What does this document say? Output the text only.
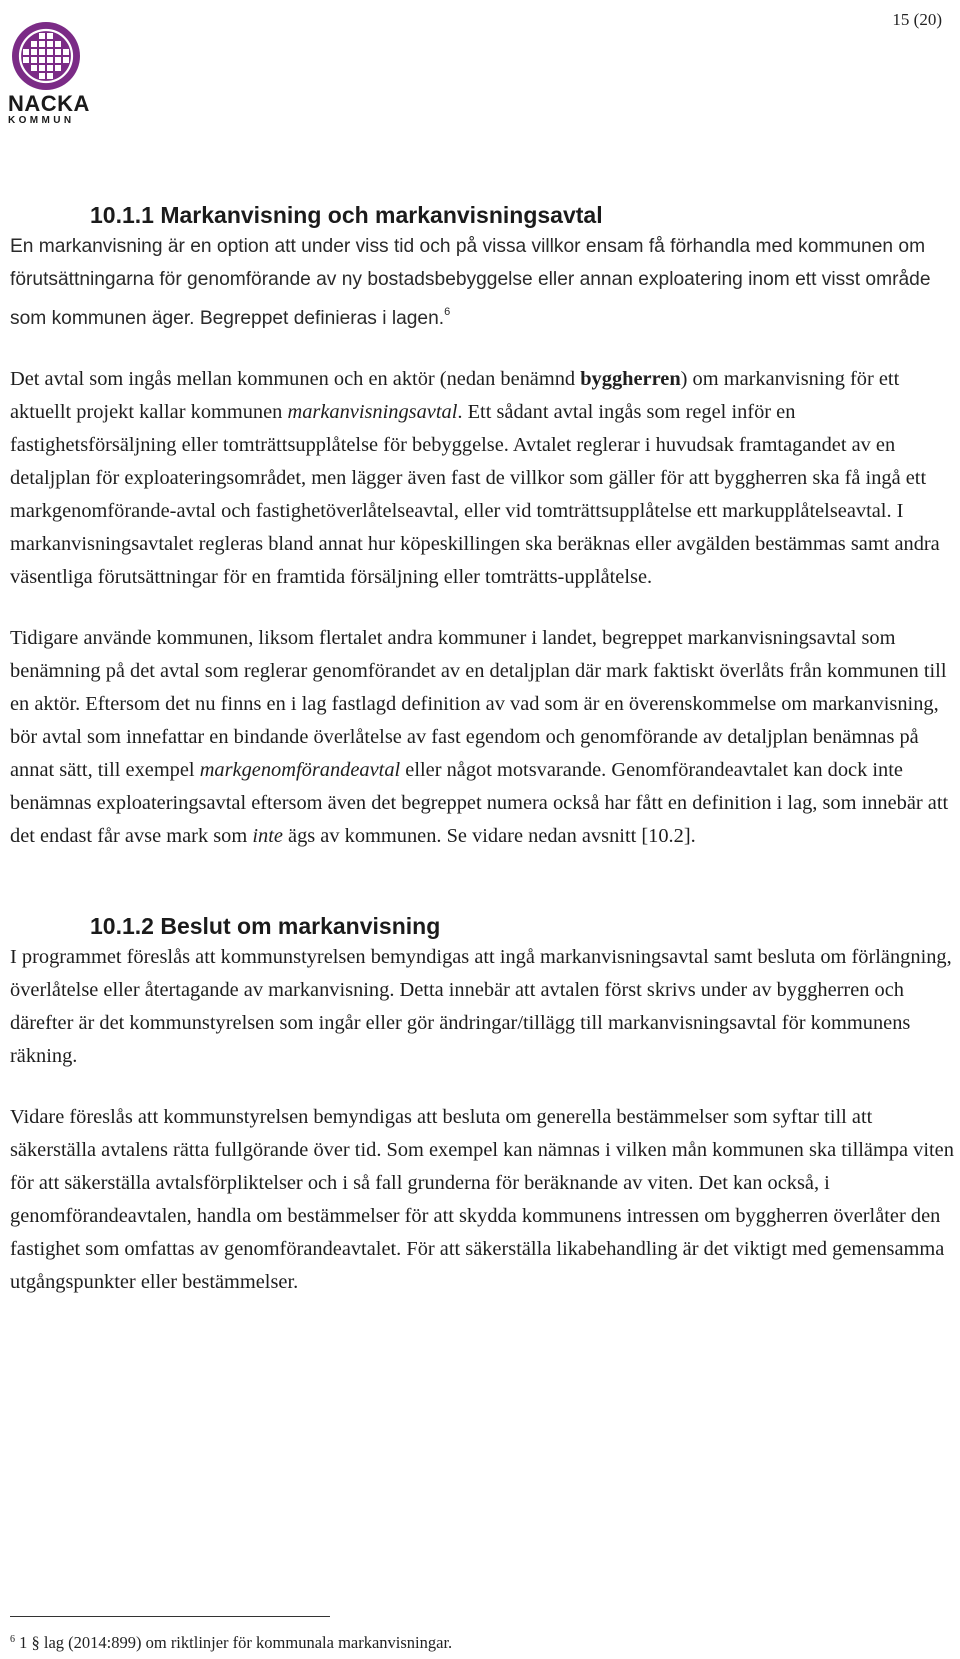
15 (20)
NACKA
KOMMUN
10.1.1 Markanvisning och markanvisningsavtal

En markanvisning är en option att under viss tid och på vissa villkor ensam få förhandla med kommunen om förutsättningarna för genomförande av ny bostadsbebyggelse eller annan exploatering inom ett visst område som kommunen äger. Begreppet definieras i lagen.$^6$

Det avtal som ingås mellan kommunen och en aktör (nedan benämnd byggherren) om markanvisning för ett aktuellt projekt kallar kommunen markanvisningsavtal. Ett sådant avtal ingås som regel inför en fastighetsförsäljning eller tomträttsupplåtelse för bebyggelse. Avtalet reglerar i huvudsak framtagandet av en detaljplan för exploateringsområdet, men lägger även fast de villkor som gäller för att byggherren ska få ingå ett markgenomförande-avtal och fastighetöverlåtelseavtal, eller vid tomträttsupplåtelse ett markupplåtelseavtal. I markanvisningsavtalet regleras bland annat hur köpeskillingen ska beräknas eller avgälden bestämmas samt andra väsentliga förutsättningar för en framtida försäljning eller tomträtts-upplåtelse.

Tidigare använde kommunen, liksom flertalet andra kommuner i landet, begreppet markanvisningsavtal som benämning på det avtal som reglerar genomförandet av en detaljplan där mark faktiskt överlåts från kommunen till en aktör. Eftersom det nu finns en i lag fastlagd definition av vad som är en överenskommelse om markanvisning, bör avtal som innefattar en bindande överlåtelse av fast egendom och genomförande av detaljplan benämnas på annat sätt, till exempel markgenomförandeavtal eller något motsvarande. Genomförandeavtalet kan dock inte benämnas exploateringsavtal eftersom även det begreppet numera också har fått en definition i lag, som innebär att det endast får avse mark som inte ägs av kommunen. Se vidare nedan avsnitt [10.2].

10.1.2 Beslut om markanvisning

I programmet föreslås att kommunstyrelsen bemyndigas att ingå markanvisningsavtal samt besluta om förlängning, överlåtelse eller återtagande av markanvisning. Detta innebär att avtalen först skrivs under av byggherren och därefter är det kommunstyrelsen som ingår eller gör ändringar/tillägg till markanvisningsavtal för kommunens räkning.

Vidare föreslås att kommunstyrelsen bemyndigas att besluta om generella bestämmelser som syftar till att säkerställa avtalens rätta fullgörande över tid. Som exempel kan nämnas i vilken mån kommunen ska tillämpa viten för att säkerställa avtalsförpliktelser och i så fall grunderna för beräknande av viten. Det kan också, i genomförandeavtalen, handla om bestämmelser för att skydda kommunens intressen om byggherren överlåter den fastighet som omfattas av genomförandeavtalet. För att säkerställa likabehandling är det viktigt med gemensamma utgångspunkter eller bestämmelser.

$^6$ 1 § lag (2014:899) om riktlinjer för kommunala markanvisningar.
